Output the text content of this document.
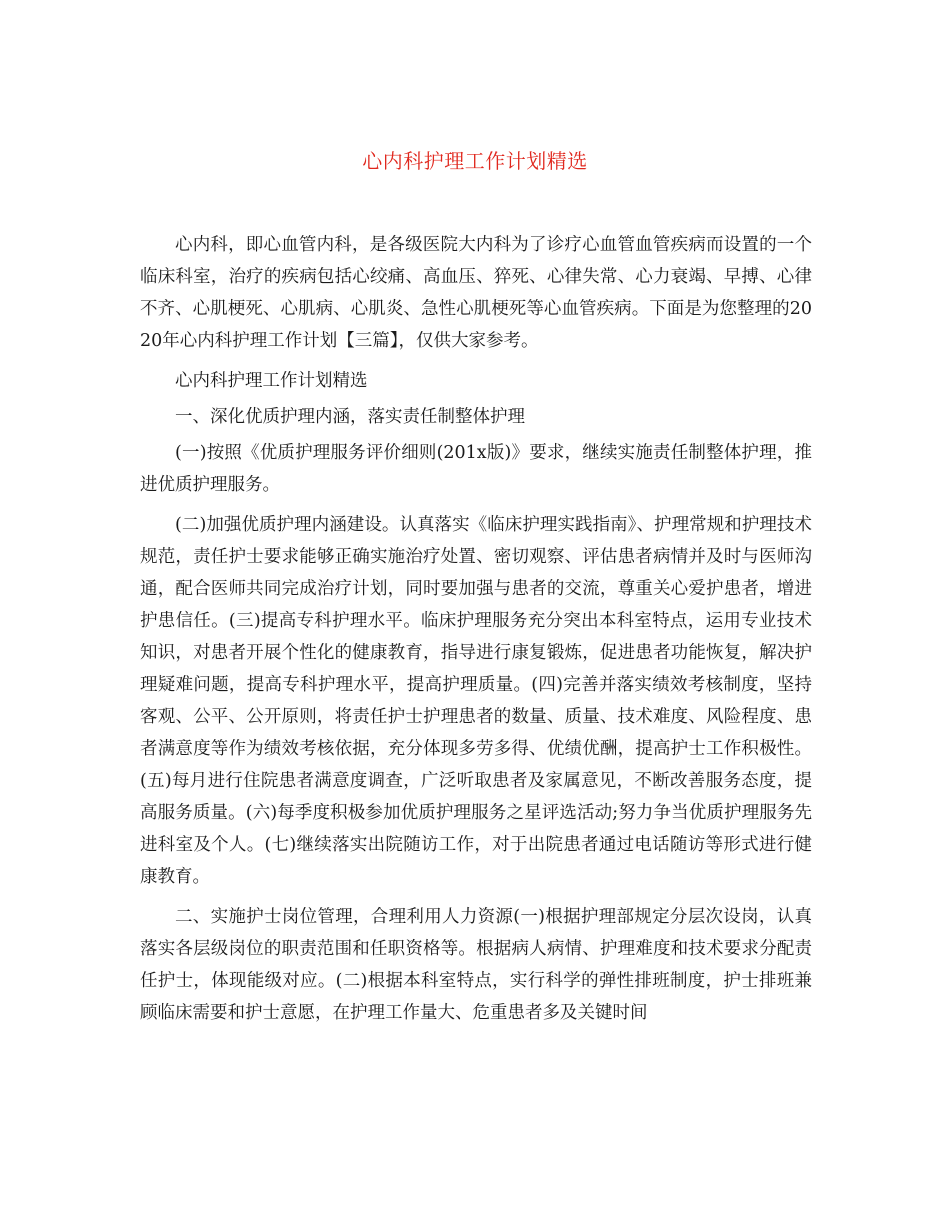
心内科护理工作计划精选

心内科，即心血管内科，是各级医院大内科为了诊疗心血管血管疾病而设置的一个临床科室，治疗的疾病包括心绞痛、高血压、猝死、心律失常、心力衰竭、早搏、心律不齐、心肌梗死、心肌病、心肌炎、急性心肌梗死等心血管疾病。下面是为您整理的2020年心内科护理工作计划【三篇】，仅供大家参考。

心内科护理工作计划精选

一、深化优质护理内涵，落实责任制整体护理

(一)按照《优质护理服务评价细则(201x版)》要求，继续实施责任制整体护理，推进优质护理服务。

(二)加强优质护理内涵建设。认真落实《临床护理实践指南》、护理常规和护理技术规范，责任护士要求能够正确实施治疗处置、密切观察、评估患者病情并及时与医师沟通，配合医师共同完成治疗计划，同时要加强与患者的交流，尊重关心爱护患者，增进护患信任。(三)提高专科护理水平。临床护理服务充分突出本科室特点，运用专业技术知识，对患者开展个性化的健康教育，指导进行康复锻炼，促进患者功能恢复，解决护理疑难问题，提高专科护理水平，提高护理质量。(四)完善并落实绩效考核制度，坚持客观、公平、公开原则，将责任护士护理患者的数量、质量、技术难度、风险程度、患者满意度等作为绩效考核依据，充分体现多劳多得、优绩优酬，提高护士工作积极性。(五)每月进行住院患者满意度调查，广泛听取患者及家属意见，不断改善服务态度，提高服务质量。(六)每季度积极参加优质护理服务之星评选活动;努力争当优质护理服务先进科室及个人。(七)继续落实出院随访工作，对于出院患者通过电话随访等形式进行健康教育。

二、实施护士岗位管理，合理利用人力资源(一)根据护理部规定分层次设岗，认真落实各层级岗位的职责范围和任职资格等。根据病人病情、护理难度和技术要求分配责任护士，体现能级对应。(二)根据本科室特点，实行科学的弹性排班制度，护士排班兼顾临床需要和护士意愿，在护理工作量大、危重患者多及关键时间
